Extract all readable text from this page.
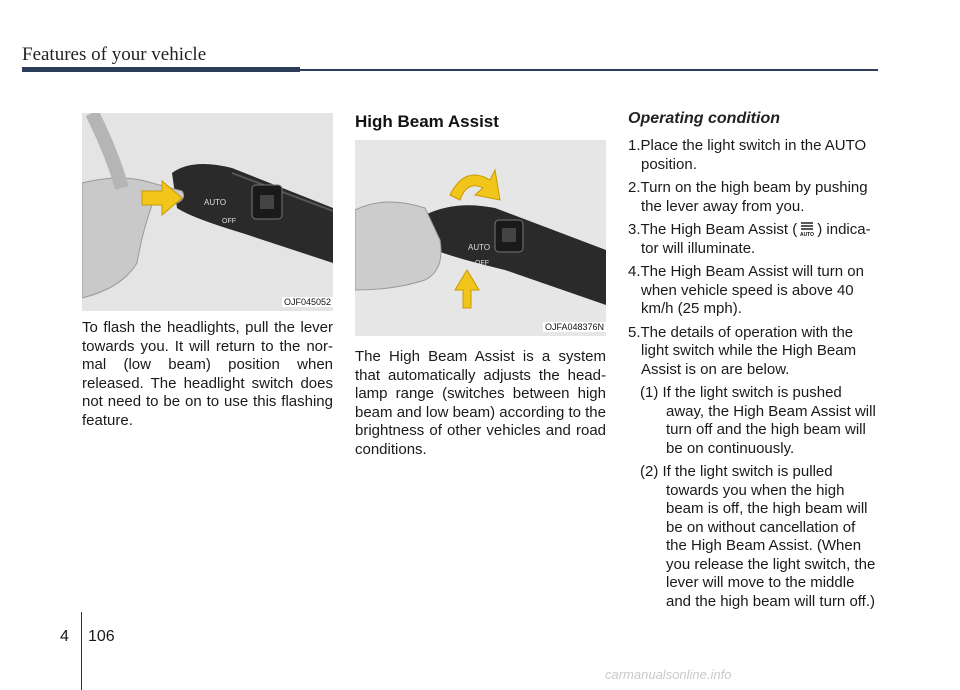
Features of your vehicle
AUTO
OFF
OJF045052
To flash the headlights, pull the lever towards you. It will return to the nor-mal (low beam) position when released. The headlight switch does not need to be on to use this flashing feature.
High Beam Assist
AUTO
OFF
OJFA048376N
The High Beam Assist is a system that automatically adjusts the head-lamp range (switches between high beam and low beam) according to the brightness of other vehicles and road conditions.
Operating condition
1.Place the light switch in the AUTO position.
2.Turn on the high beam by pushing the lever away from you.
3.The High Beam Assist ( AUTO ) indica-tor will illuminate.
4.The High Beam Assist will turn on when vehicle speed is above 40 km/h (25 mph).
5.The details of operation with the light switch while the High Beam Assist is on are below.
(1) If the light switch is pushed away, the High Beam Assist will turn off and the high beam will be on continuously.
(2) If the light switch is pulled towards you when the high beam is off, the high beam will be on without cancellation of the High Beam Assist. (When you release the light switch, the lever will move to the middle and the high beam will turn off.)
4 106
carmanualsonline.info
